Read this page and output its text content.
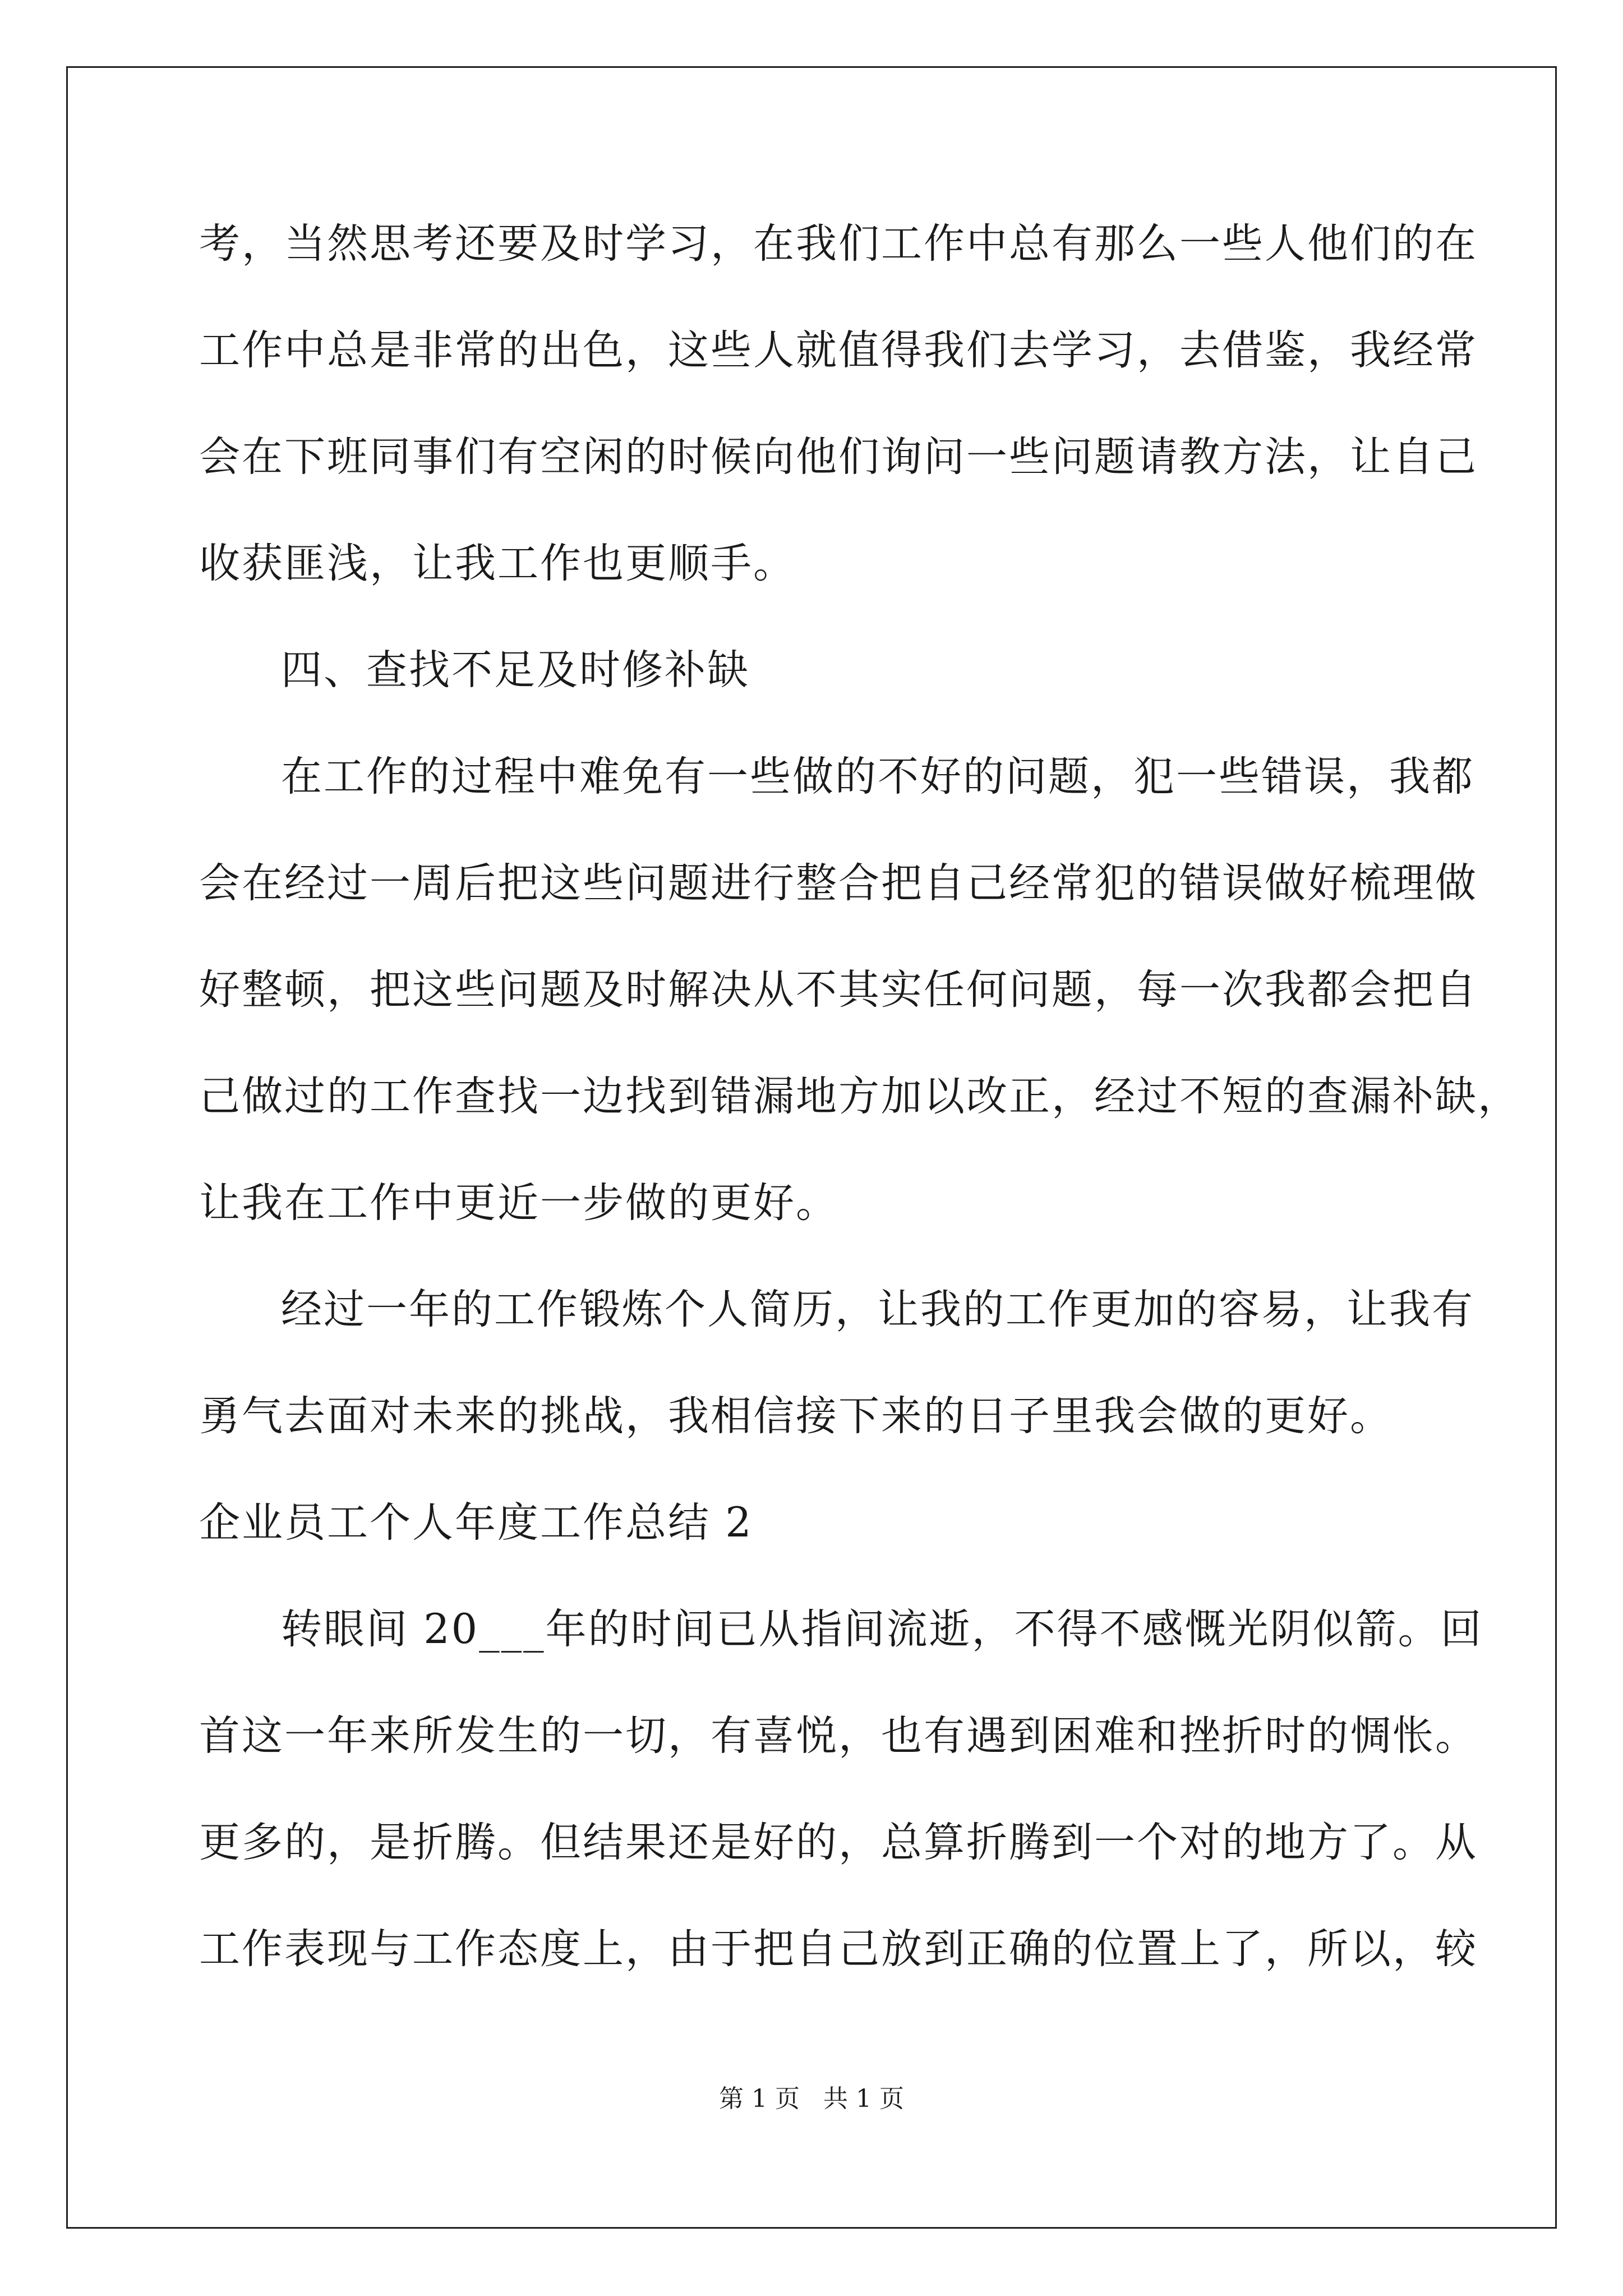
考，当然思考还要及时学习，在我们工作中总有那么一些人他们的在
工作中总是非常的出色，这些人就值得我们去学习，去借鉴，我经常
会在下班同事们有空闲的时候向他们询问一些问题请教方法，让自己
收获匪浅，让我工作也更顺手。
四、查找不足及时修补缺
在工作的过程中难免有一些做的不好的问题，犯一些错误，我都
会在经过一周后把这些问题进行整合把自己经常犯的错误做好梳理做
好整顿，把这些问题及时解决从不其实任何问题，每一次我都会把自
己做过的工作查找一边找到错漏地方加以改正，经过不短的查漏补缺，
让我在工作中更近一步做的更好。
经过一年的工作锻炼个人简历，让我的工作更加的容易，让我有
勇气去面对未来的挑战，我相信接下来的日子里我会做的更好。
企业员工个人年度工作总结 2
转眼间 20___年的时间已从指间流逝，不得不感慨光阴似箭。回
首这一年来所发生的一切，有喜悦，也有遇到困难和挫折时的惆怅。
更多的，是折腾。但结果还是好的，总算折腾到一个对的地方了。从
工作表现与工作态度上，由于把自己放到正确的位置上了，所以，较
第 1 页 共 1 页
